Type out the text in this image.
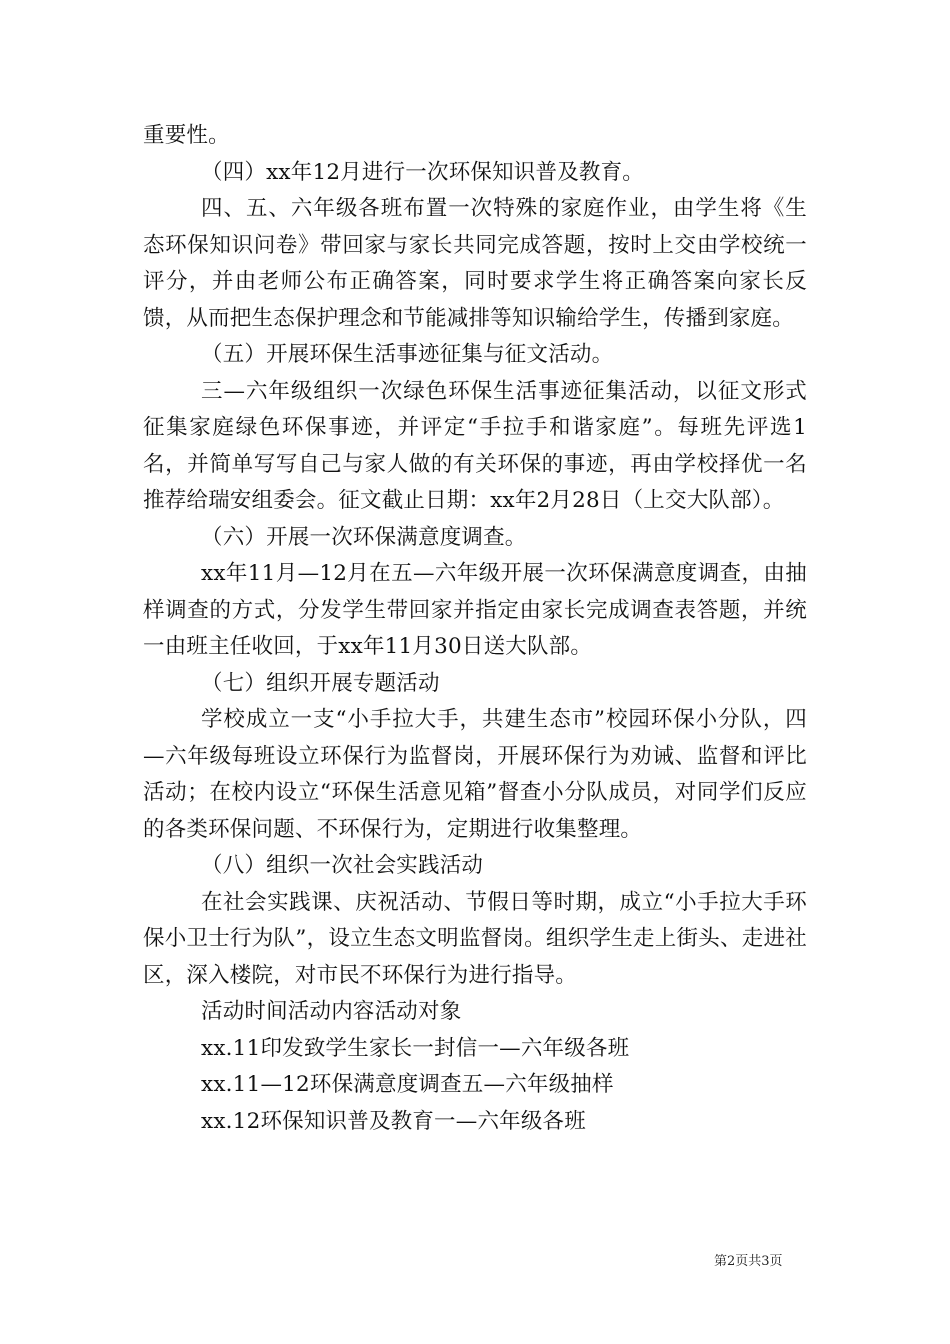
重要性。

（四）xx年12月进行一次环保知识普及教育。

四、五、六年级各班布置一次特殊的家庭作业，由学生将《生态环保知识问卷》带回家与家长共同完成答题，按时上交由学校统一评分，并由老师公布正确答案，同时要求学生将正确答案向家长反馈，从而把生态保护理念和节能减排等知识输给学生，传播到家庭。

（五）开展环保生活事迹征集与征文活动。

三—六年级组织一次绿色环保生活事迹征集活动，以征文形式征集家庭绿色环保事迹，并评定“手拉手和谐家庭”。每班先评选1名，并简单写写自己与家人做的有关环保的事迹，再由学校择优一名推荐给瑞安组委会。征文截止日期：xx年2月28日（上交大队部）。

（六）开展一次环保满意度调查。

xx年11月—12月在五—六年级开展一次环保满意度调查，由抽样调查的方式，分发学生带回家并指定由家长完成调查表答题，并统一由班主任收回，于xx年11月30日送大队部。

（七）组织开展专题活动

学校成立一支“小手拉大手，共建生态市”校园环保小分队，四—六年级每班设立环保行为监督岗，开展环保行为劝诫、监督和评比活动；在校内设立“环保生活意见箱”督查小分队成员，对同学们反应的各类环保问题、不环保行为，定期进行收集整理。

（八）组织一次社会实践活动

在社会实践课、庆祝活动、节假日等时期，成立“小手拉大手环保小卫士行为队”，设立生态文明监督岗。组织学生走上街头、走进社区，深入楼院，对市民不环保行为进行指导。

活动时间活动内容活动对象

xx.11印发致学生家长一封信一—六年级各班

xx.11—12环保满意度调查五—六年级抽样

xx.12环保知识普及教育一—六年级各班

第2页共3页
